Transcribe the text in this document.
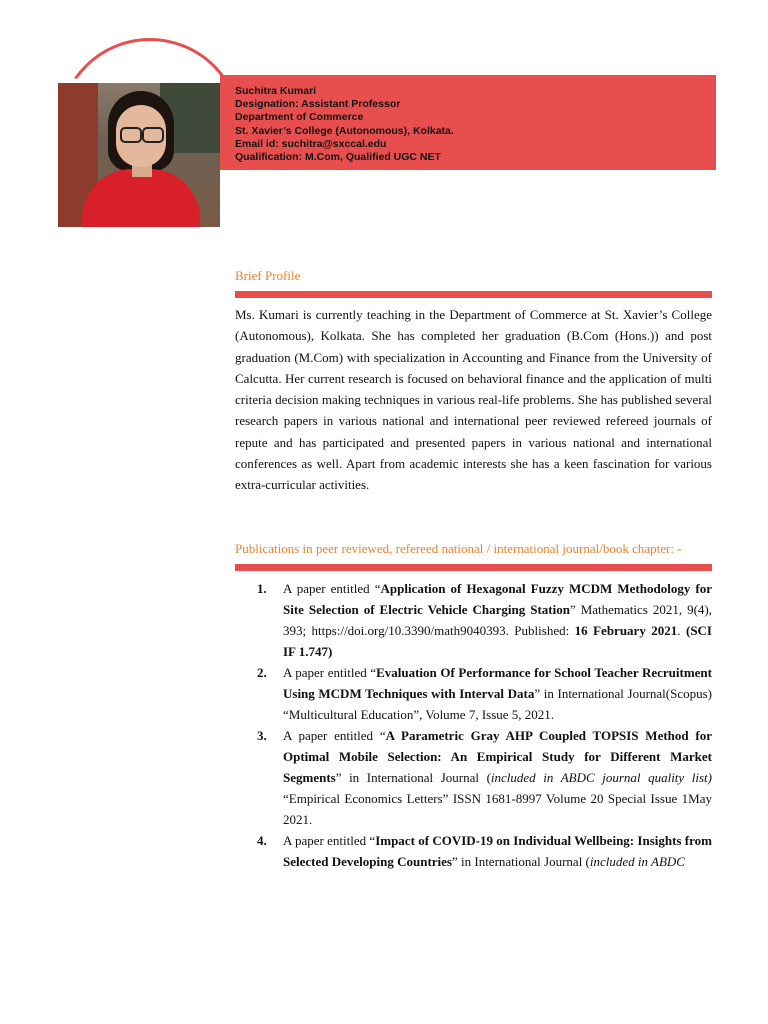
Suchitra Kumari
Designation: Assistant Professor
Department of Commerce
St. Xavier’s College (Autonomous), Kolkata.
Email id: suchitra@sxccal.edu
Qualification: M.Com, Qualified UGC NET
Brief Profile
Ms. Kumari is currently teaching in the Department of Commerce at St. Xavier’s College (Autonomous), Kolkata. She has completed her graduation (B.Com (Hons.)) and post graduation (M.Com) with specialization in Accounting and Finance from the University of Calcutta. Her current research is focused on behavioral finance and the application of multi criteria decision making techniques in various real-life problems. She has published several research papers in various national and international peer reviewed refereed journals of repute and has participated and presented papers in various national and international conferences as well. Apart from academic interests she has a keen fascination for various extra-curricular activities.
Publications in peer reviewed, refereed national / international journal/book chapter: -
1. A paper entitled “Application of Hexagonal Fuzzy MCDM Methodology for Site Selection of Electric Vehicle Charging Station” Mathematics 2021, 9(4), 393; https://doi.org/10.3390/math9040393. Published: 16 February 2021. (SCI IF 1.747)
2. A paper entitled “Evaluation Of Performance for School Teacher Recruitment Using MCDM Techniques with Interval Data” in International Journal(Scopus) “Multicultural Education”, Volume 7, Issue 5, 2021.
3. A paper entitled “A Parametric Gray AHP Coupled TOPSIS Method for Optimal Mobile Selection: An Empirical Study for Different Market Segments” in International Journal (included in ABDC journal quality list) “Empirical Economics Letters” ISSN 1681-8997 Volume 20 Special Issue 1May 2021.
4. A paper entitled “Impact of COVID-19 on Individual Wellbeing: Insights from Selected Developing Countries” in International Journal (included in ABDC
